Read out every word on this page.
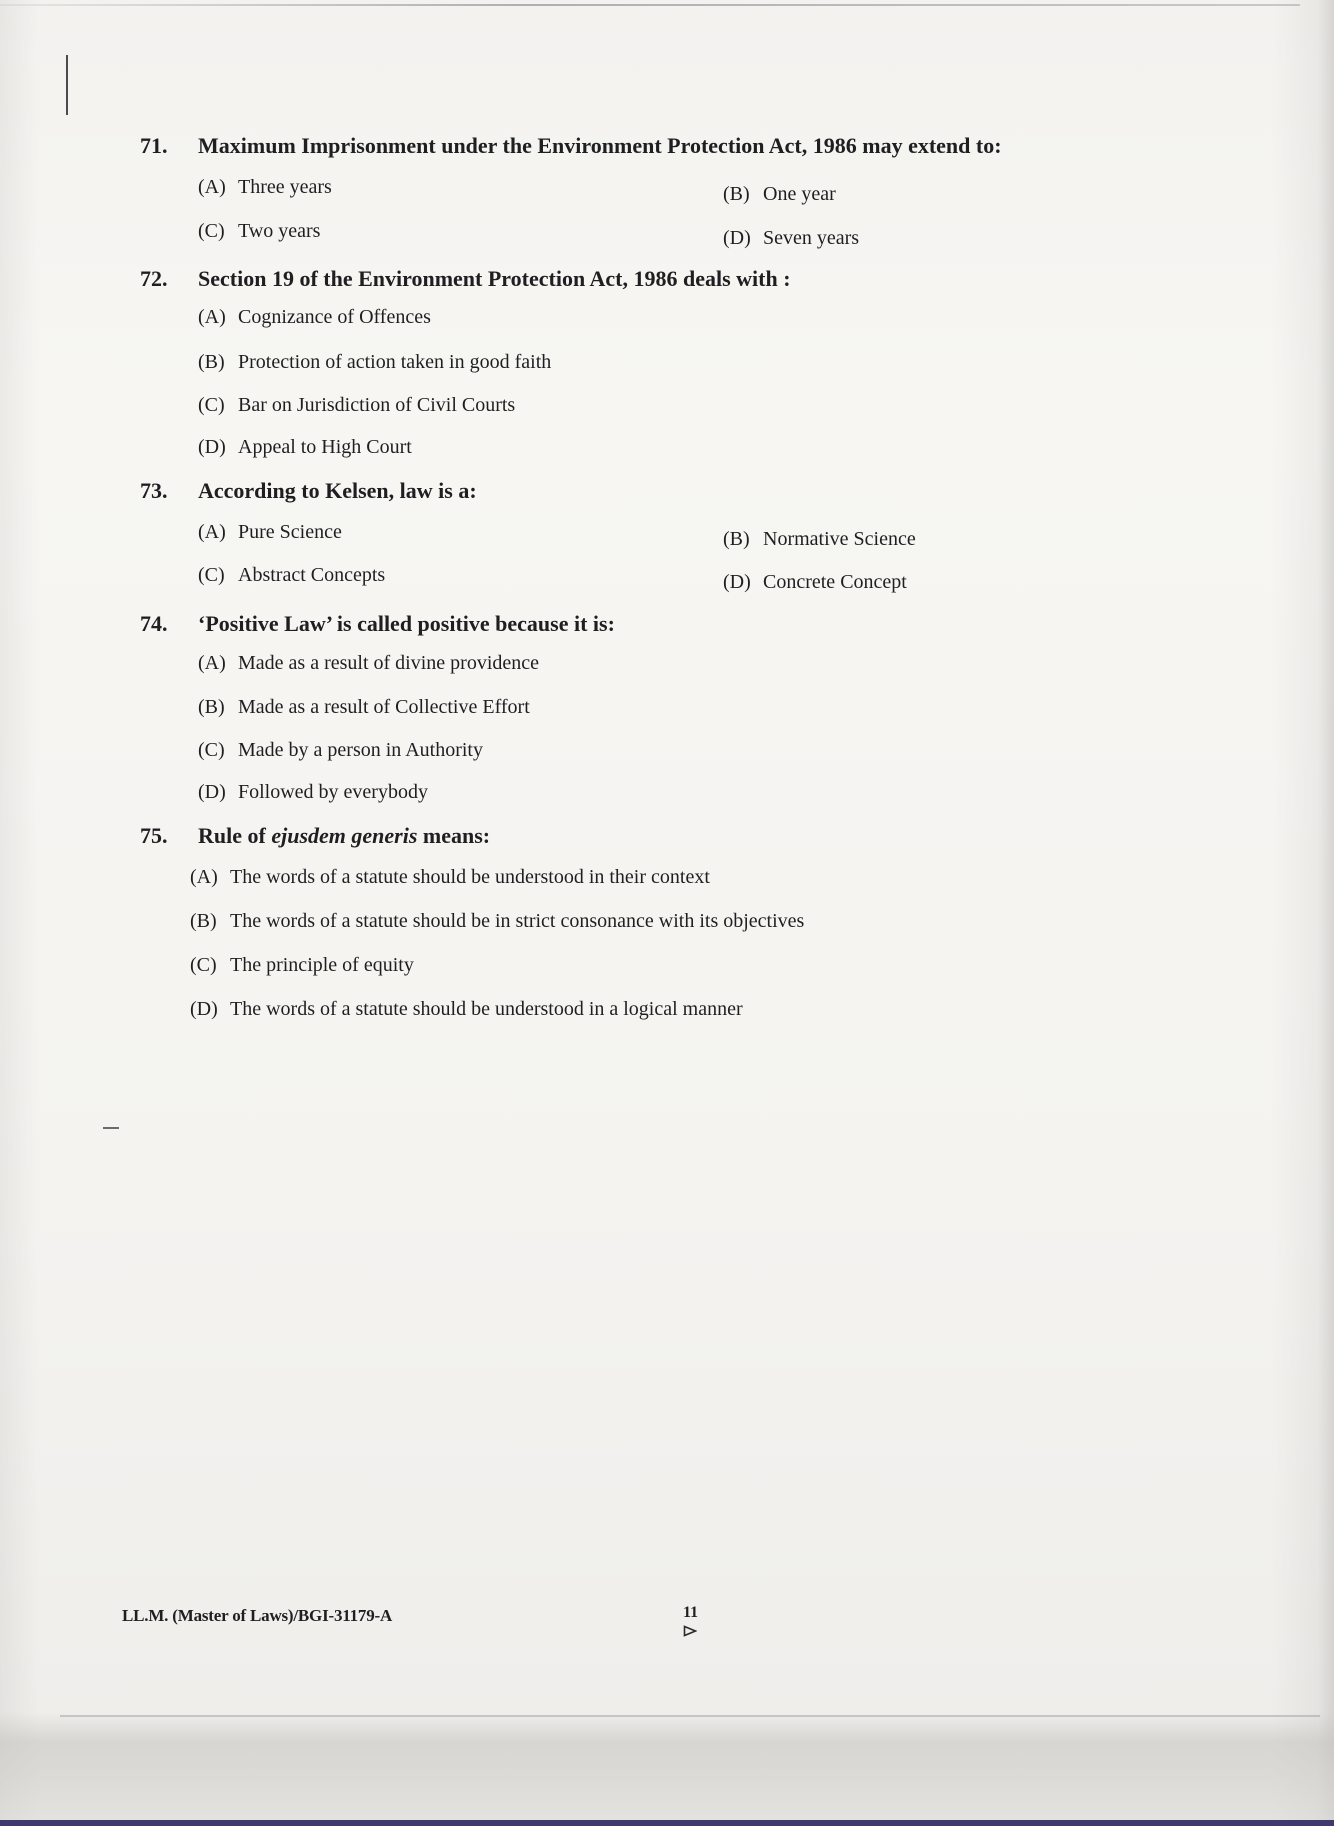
71. Maximum Imprisonment under the Environment Protection Act, 1986 may extend to:
(A) Three years	(B) One year
(C) Two years	(D) Seven years
72. Section 19 of the Environment Protection Act, 1986 deals with :
(A) Cognizance of Offences
(B) Protection of action taken in good faith
(C) Bar on Jurisdiction of Civil Courts
(D) Appeal to High Court
73. According to Kelsen, law is a:
(A) Pure Science	(B) Normative Science
(C) Abstract Concepts	(D) Concrete Concept
74. ‘Positive Law’ is called positive because it is:
(A) Made as a result of divine providence
(B) Made as a result of Collective Effort
(C) Made by a person in Authority
(D) Followed by everybody
75. Rule of ejusdem generis means:
(A) The words of a statute should be understood in their context
(B) The words of a statute should be in strict consonance with its objectives
(C) The principle of equity
(D) The words of a statute should be understood in a logical manner
LL.M. (Master of Laws)/BGI-31179-A	11
